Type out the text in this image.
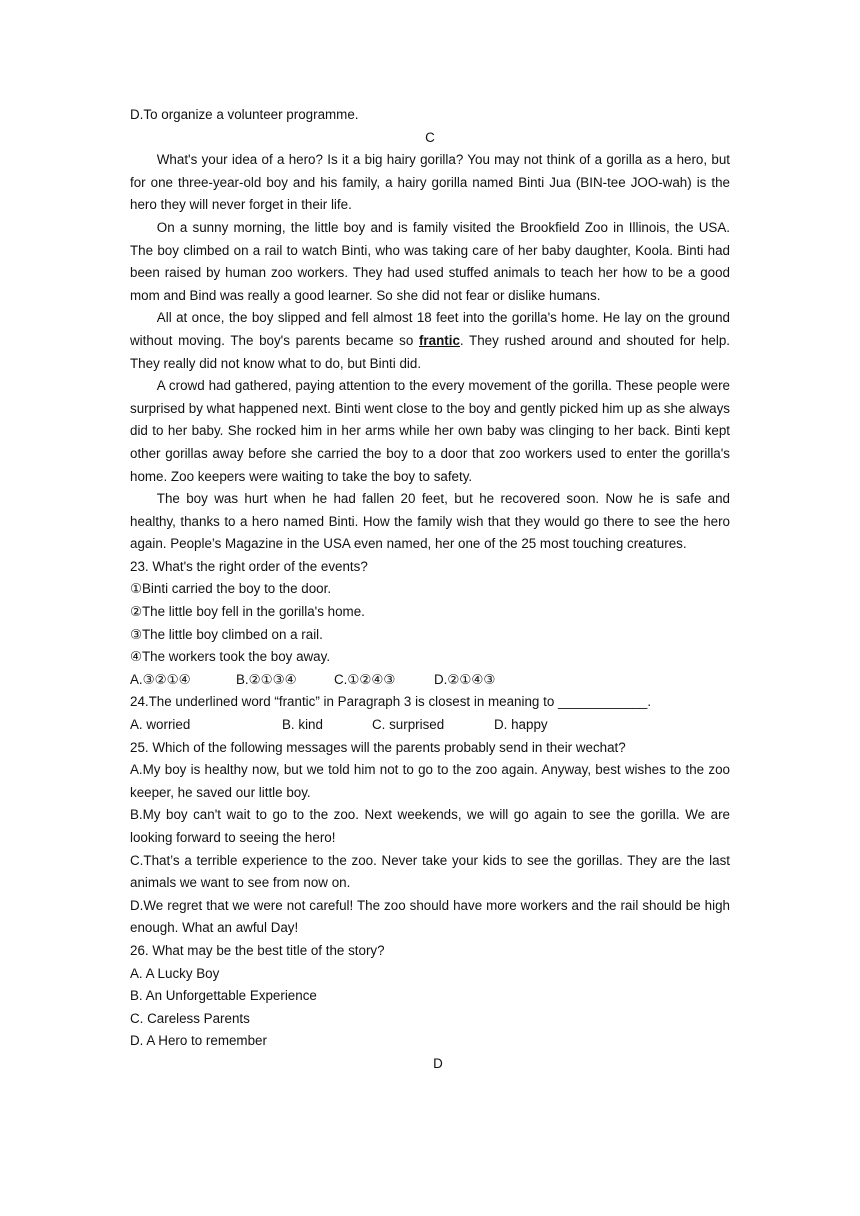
D.To organize a volunteer programme.

C

What's your idea of a hero? Is it a big hairy gorilla? You may not think of a gorilla as a hero, but for one three-year-old boy and his family, a hairy gorilla named Binti Jua (BIN-tee JOO-wah) is the hero they will never forget in their life.

On a sunny morning, the little boy and is family visited the Brookfield Zoo in Illinois, the USA. The boy climbed on a rail to watch Binti, who was taking care of her baby daughter, Koola. Binti had been raised by human zoo workers. They had used stuffed animals to teach her how to be a good mom and Bind was really a good learner. So she did not fear or dislike humans.

All at once, the boy slipped and fell almost 18 feet into the gorilla's home. He lay on the ground without moving. The boy's parents became so frantic. They rushed around and shouted for help. They really did not know what to do, but Binti did.

A crowd had gathered, paying attention to the every movement of the gorilla. These people were surprised by what happened next. Binti went close to the boy and gently picked him up as she always did to her baby. She rocked him in her arms while her own baby was clinging to her back. Binti kept other gorillas away before she carried the boy to a door that zoo workers used to enter the gorilla's home. Zoo keepers were waiting to take the boy to safety.

The boy was hurt when he had fallen 20 feet, but he recovered soon. Now he is safe and healthy, thanks to a hero named Binti. How the family wish that they would go there to see the hero again. People’s Magazine in the USA even named, her one of the 25 most touching creatures.

23. What's the right order of the events?

①Binti carried the boy to the door.

②The little boy fell in the gorilla's home.

③The little boy climbed on a rail.

④The workers took the boy away.

A.③②①④	B.②①③④	C.①②④③	D.②①④③

24.The underlined word “frantic” in Paragraph 3 is closest in meaning to ____________.

A. worried	B. kind	C. surprised	D. happy

25. Which of the following messages will the parents probably send in their wechat?

A.My boy is healthy now, but we told him not to go to the zoo again. Anyway, best wishes to the zoo keeper, he saved our little boy.

B.My boy can't wait to go to the zoo. Next weekends, we will go again to see the gorilla. We are looking forward to seeing the hero!

C.That’s a terrible experience to the zoo. Never take your kids to see the gorillas. They are the last animals we want to see from now on.

D.We regret that we were not careful! The zoo should have more workers and the rail should be high enough. What an awful Day!

26. What may be the best title of the story?

A. A Lucky Boy

B. An Unforgettable Experience

C. Careless Parents

D. A Hero to remember

D
